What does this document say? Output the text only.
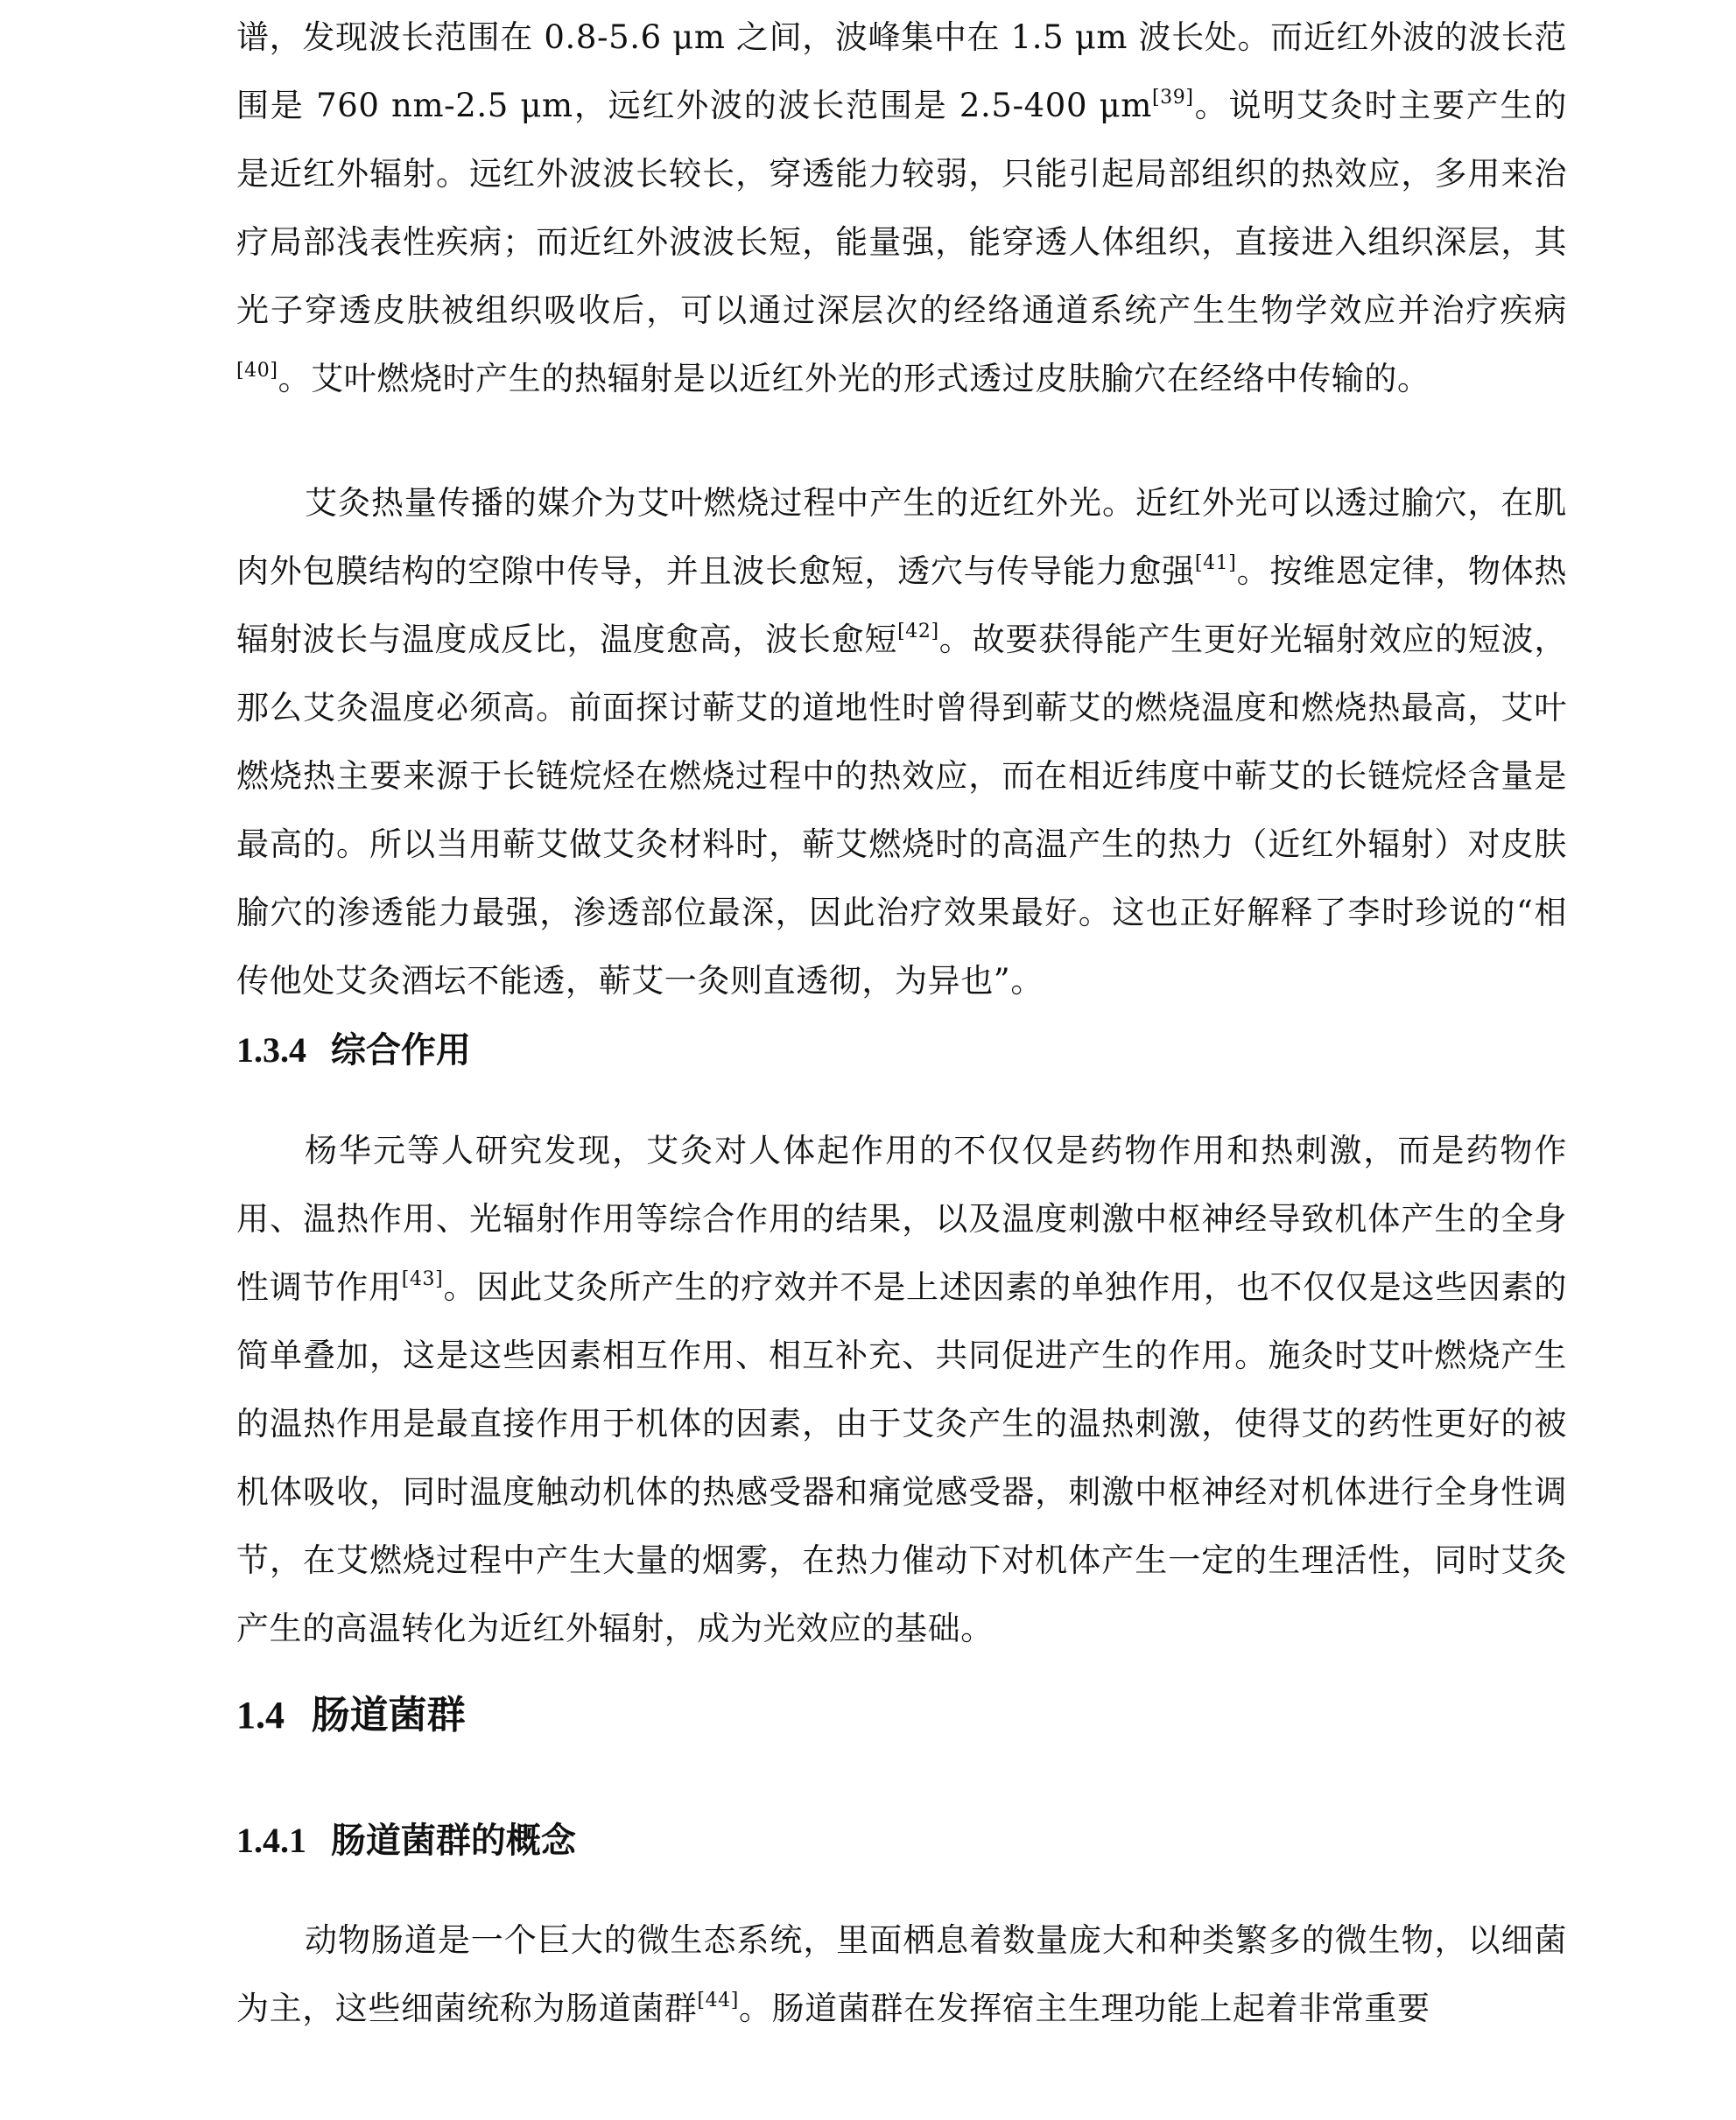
谱，发现波长范围在 0.8-5.6 μm 之间，波峰集中在 1.5 μm 波长处。而近红外波的波长范围是 760 nm-2.5 μm，远红外波的波长范围是 2.5-400 μm[39]。说明艾灸时主要产生的是近红外辐射。远红外波波长较长，穿透能力较弱，只能引起局部组织的热效应，多用来治疗局部浅表性疾病；而近红外波波长短，能量强，能穿透人体组织，直接进入组织深层，其光子穿透皮肤被组织吸收后，可以通过深层次的经络通道系统产生生物学效应并治疗疾病[40]。艾叶燃烧时产生的热辐射是以近红外光的形式透过皮肤腧穴在经络中传输的。

艾灸热量传播的媒介为艾叶燃烧过程中产生的近红外光。近红外光可以透过腧穴，在肌肉外包膜结构的空隙中传导，并且波长愈短，透穴与传导能力愈强[41]。按维恩定律，物体热辐射波长与温度成反比，温度愈高，波长愈短[42]。故要获得能产生更好光辐射效应的短波，那么艾灸温度必须高。前面探讨蕲艾的道地性时曾得到蕲艾的燃烧温度和燃烧热最高，艾叶燃烧热主要来源于长链烷烃在燃烧过程中的热效应，而在相近纬度中蕲艾的长链烷烃含量是最高的。所以当用蕲艾做艾灸材料时，蕲艾燃烧时的高温产生的热力（近红外辐射）对皮肤腧穴的渗透能力最强，渗透部位最深，因此治疗效果最好。这也正好解释了李时珍说的“相传他处艾灸酒坛不能透，蕲艾一灸则直透彻，为异也”。

1.3.4 综合作用

杨华元等人研究发现，艾灸对人体起作用的不仅仅是药物作用和热刺激，而是药物作用、温热作用、光辐射作用等综合作用的结果，以及温度刺激中枢神经导致机体产生的全身性调节作用[43]。因此艾灸所产生的疗效并不是上述因素的单独作用，也不仅仅是这些因素的简单叠加，这是这些因素相互作用、相互补充、共同促进产生的作用。施灸时艾叶燃烧产生的温热作用是最直接作用于机体的因素，由于艾灸产生的温热刺激，使得艾的药性更好的被机体吸收，同时温度触动机体的热感受器和痛觉感受器，刺激中枢神经对机体进行全身性调节，在艾燃烧过程中产生大量的烟雾，在热力催动下对机体产生一定的生理活性，同时艾灸产生的高温转化为近红外辐射，成为光效应的基础。

1.4 肠道菌群
1.4.1 肠道菌群的概念

动物肠道是一个巨大的微生态系统，里面栖息着数量庞大和种类繁多的微生物，以细菌为主，这些细菌统称为肠道菌群[44]。肠道菌群在发挥宿主生理功能上起着非常重要
